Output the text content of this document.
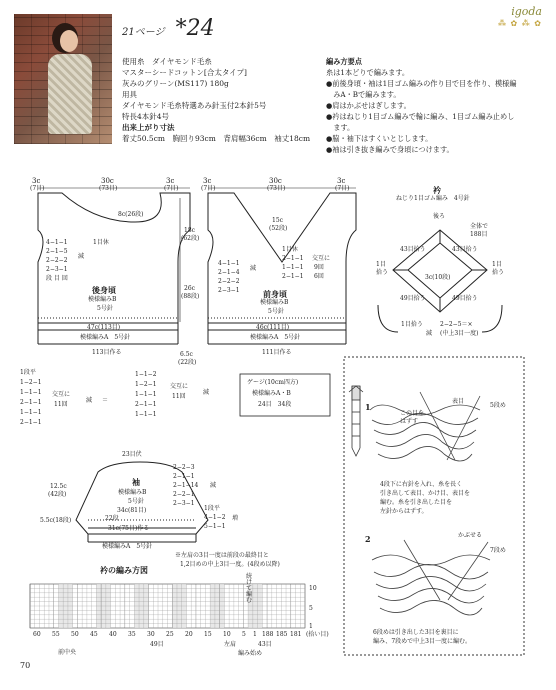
igoda
⁂ ✿ ⁂ ✿
21ページ *24
使用糸　ダイヤモンド毛糸
マスターシードコットン[合太タイプ]
灰みのグリーン(MS117) 180g
用具
ダイヤモンド毛糸特選あみ針玉付2本針5号
特長4本針4号
出来上がり寸法
着丈50.5cm　胸回り93cm　背肩幅36cm　袖丈18cm
編み方要点
糸は1本どりで編みます。
●前後身頃・袖は1目ゴム編みの作り目で目を作り、模様編
　みA・Bで編みます。
●肩はかぶせはぎします。
●衿はねじり1目ゴム編みで輪に編み、1目ゴム編み止めし
　ます。
●脇・袖下はすくいとじします。
●袖は引き抜き編みで身頃につけます。
3c
(7目)
30c
(73目)
3c
(7目)
8c(26段)
18c
(62段)
26c
(88段)
1目休
4−1−1
2−1−5
2−2−2
2−3−1
段 目 回
減
後身頃
模様編みB
5号針
47c(113目)
模様編みA　5号針
113目作る	6.5c
(22段)
3c
(7目)
30c
(73目)
3c
(7目)
15c
(52段)
1目休
2−1−1
1−1−1
2−1−1
交互に
9回
6回
4−1−1
2−1−4
2−2−2
2−3−1
減
前身頃
模様編みB
5号針
46c(111目)
模様編みA　5号針
111目作る
衿
ねじり1目ゴム編み　4号針
後ろ
全体で
188目
43目拾う	43目拾う
49目拾う	49目拾う
3c(10段)
1目
拾う
1目
拾う
1目拾う	2−2−5＝×
(中上3目一度)
減
1段平
1−2−1
1−1−1
2−1−1
1−1−1
2−1−1
交互に
11回
減 ＝
1−1−2
1−2−1
1−1−1
2−1−1
1−1−1
交互に
11回
減
ゲージ(10cm四方)
模様編みA・B
24目　34段
23目伏
袖
模様編みB
5号針
34c(81目)
22段
31c(75目)作る
模様編みA　5号針
12.5c
(42段)
5.5c(18段)
2−2−3
2−1−1
2−1−14
2−2−1
2−3−1
減
1段平
4−1−2
5−1−1
増
衿の編み方図
※左肩の3目一度は前段の最終目と
1,2目めの中上3目一度。(4段め以降)
続けて編む
60 55 50 45 40 35 30 25 20 15 10 5 1 188 185 181 (拾い目)
10
5
1
前中央
49目	左肩	43目
編み始め
1
2
この目を
はずす
表目
5段め
4段下に右針を入れ、糸を長く
引き出して表目、かけ目、表目を
編む。糸を引き出した目を
左針からはずす。
かぶせる
7段め
6段めは引き出した3目を裏目に
編み、7段めで中上3目一度に編む。
70
